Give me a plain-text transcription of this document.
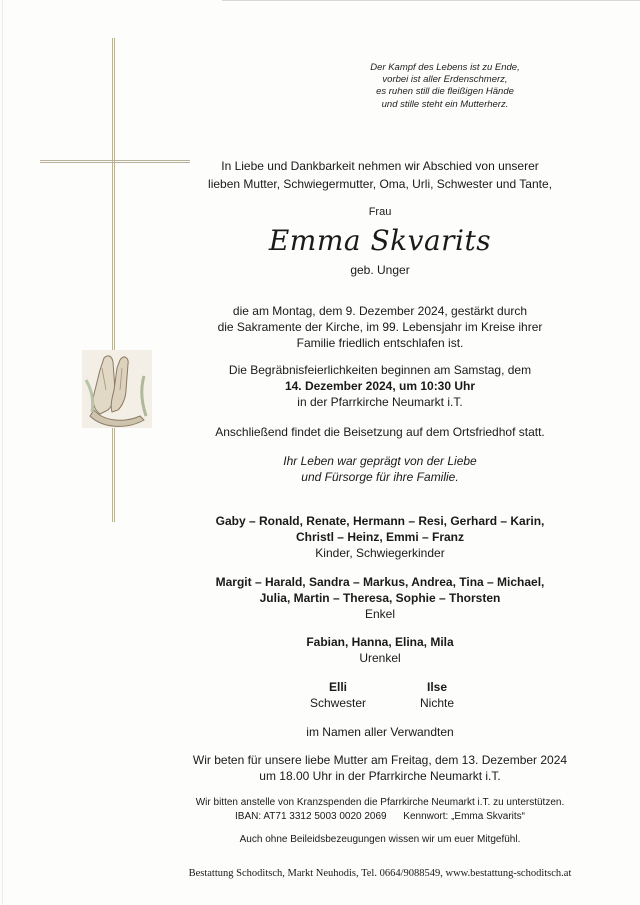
Der Kampf des Lebens ist zu Ende,
vorbei ist aller Erdenschmerz,
es ruhen still die fleißigen Hände
und stille steht ein Mutterherz.
In Liebe und Dankbarkeit nehmen wir Abschied von unserer
lieben Mutter, Schwiegermutter, Oma, Urli, Schwester und Tante,
Frau
Emma Skvarits
geb. Unger
die am Montag, dem 9. Dezember 2024, gestärkt durch
die Sakramente der Kirche, im 99. Lebensjahr im Kreise ihrer
Familie friedlich entschlafen ist.
Die Begräbnisfeierlichkeiten beginnen am Samstag, dem
14. Dezember 2024, um 10:30 Uhr
in der Pfarrkirche Neumarkt i.T.
Anschließend findet die Beisetzung auf dem Ortsfriedhof statt.
Ihr Leben war geprägt von der Liebe
und Fürsorge für ihre Familie.
Gaby – Ronald, Renate, Hermann – Resi, Gerhard – Karin,
Christl – Heinz, Emmi – Franz
Kinder, Schwiegerkinder
Margit – Harald, Sandra – Markus, Andrea, Tina – Michael,
Julia, Martin – Theresa, Sophie – Thorsten
Enkel
Fabian, Hanna, Elina, Mila
Urenkel
Elli
Schwester
Ilse
Nichte
im Namen aller Verwandten
Wir beten für unsere liebe Mutter am Freitag, dem 13. Dezember 2024
um 18.00 Uhr in der Pfarrkirche Neumarkt i.T.
Wir bitten anstelle von Kranzspenden die Pfarrkirche Neumarkt i.T. zu unterstützen.
IBAN: AT71 3312 5003 0020 2069      Kennwort: „Emma Skvarits“
Auch ohne Beileidsbezeugungen wissen wir um euer Mitgefühl.
Bestattung Schoditsch, Markt Neuhodis, Tel. 0664/9088549, www.bestattung-schoditsch.at
